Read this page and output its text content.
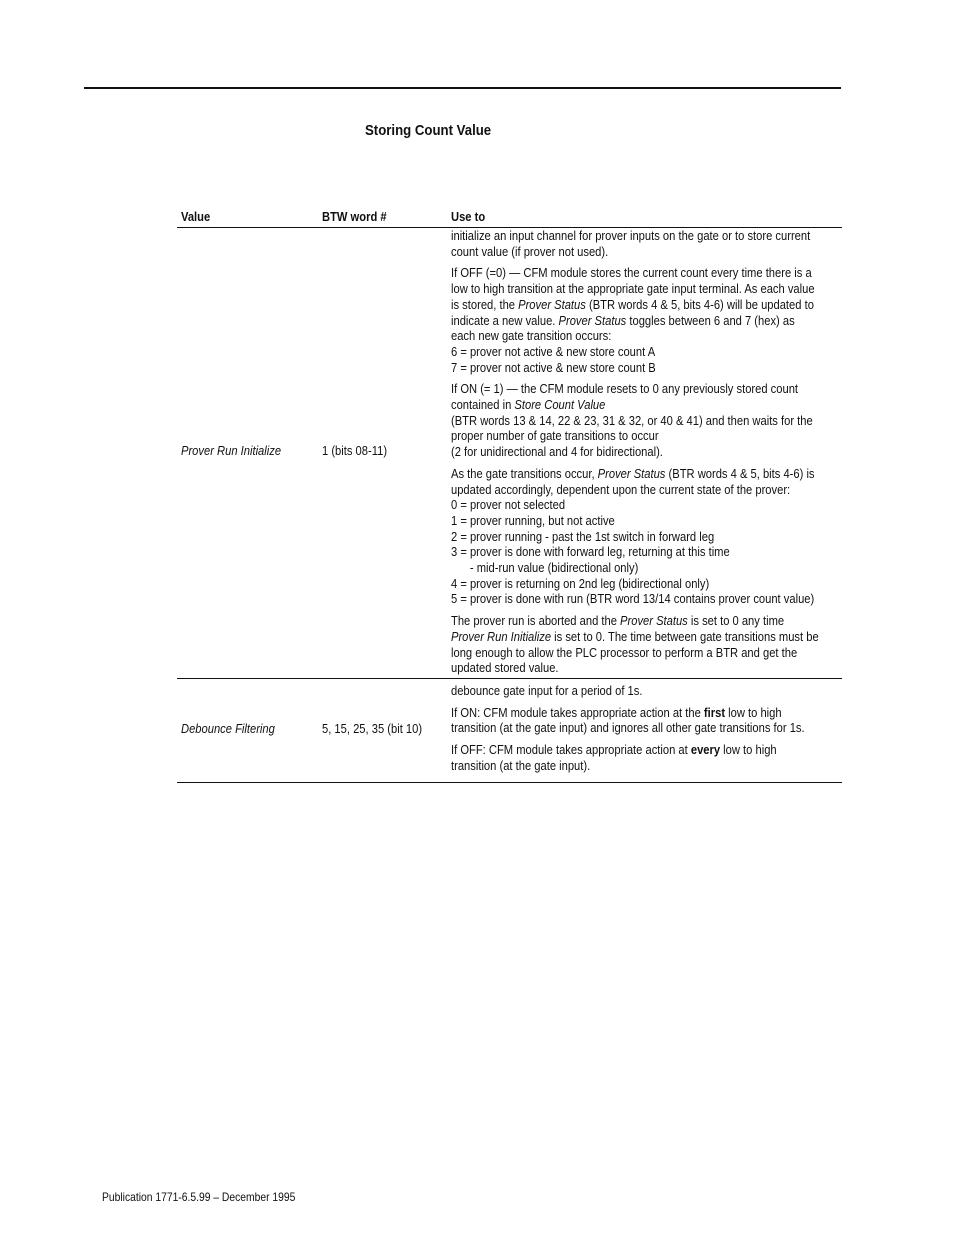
Storing Count Value
Value	BTW word #	Use to
Prover Run Initialize	1 (bits 08-11)
initialize an input channel for prover inputs on the gate or to store current
count value (if prover not used).
If OFF (=0) — CFM module stores the current count every time there is a
low to high transition at the appropriate gate input terminal. As each value
is stored, the Prover Status (BTR words 4 & 5, bits 4-6) will be updated to
indicate a new value. Prover Status toggles between 6 and 7 (hex) as
each new gate transition occurs:
6 = prover not active & new store count A
7 = prover not active & new store count B
If ON (= 1) — the CFM module resets to 0 any previously stored count
contained in Store Count Value
(BTR words 13 & 14, 22 & 23, 31 & 32, or 40 & 41) and then waits for the
proper number of gate transitions to occur
(2 for unidirectional and 4 for bidirectional).
As the gate transitions occur, Prover Status (BTR words 4 & 5, bits 4-6) is
updated accordingly, dependent upon the current state of the prover:
0 = prover not selected
1 = prover running, but not active
2 = prover running - past the 1st switch in forward leg
3 = prover is done with forward leg, returning at this time
- mid-run value (bidirectional only)
4 = prover is returning on 2nd leg (bidirectional only)
5 = prover is done with run (BTR word 13/14 contains prover count value)
The prover run is aborted and the Prover Status is set to 0 any time
Prover Run Initialize is set to 0. The time between gate transitions must be
long enough to allow the PLC processor to perform a BTR and get the
updated stored value.
Debounce Filtering	5, 15, 25, 35 (bit 10)
debounce gate input for a period of 1s.
If ON: CFM module takes appropriate action at the first low to high
transition (at the gate input) and ignores all other gate transitions for 1s.
If OFF: CFM module takes appropriate action at every low to high
transition (at the gate input).
Publication 1771-6.5.99 – December 1995
